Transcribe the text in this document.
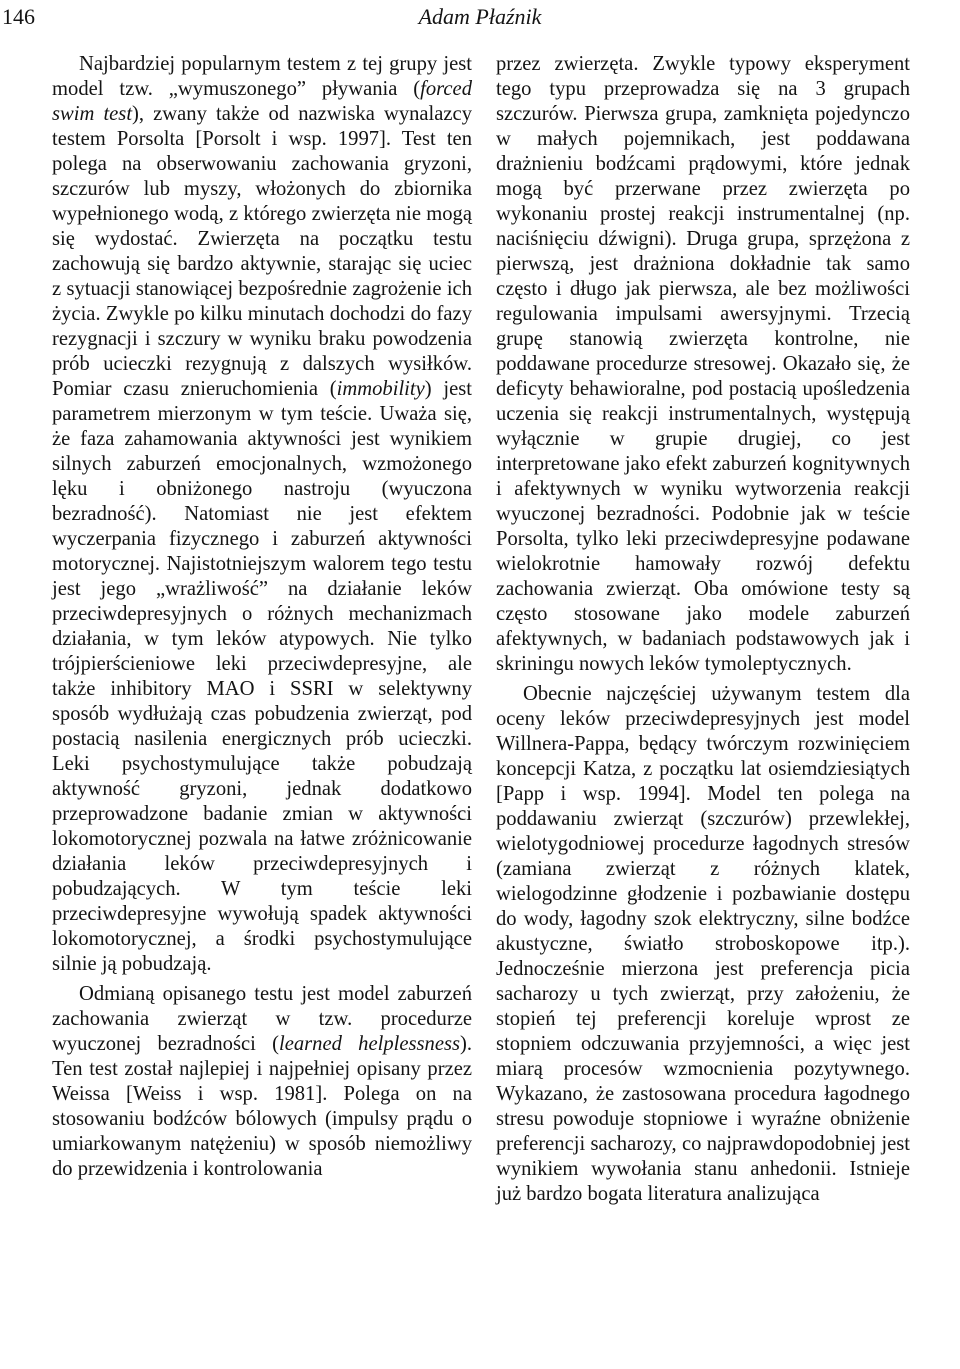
146	Adam Płaźnik

Najbardziej popularnym testem z tej grupy jest model tzw. „wymuszonego” pływania (forced swim test), zwany także od nazwiska wynalazcy testem Porsolta [Porsolt i wsp. 1997]. Test ten polega na obserwowaniu zachowania gryzoni, szczurów lub myszy, włożonych do zbiornika wypełnionego wodą, z którego zwierzęta nie mogą się wydostać. Zwierzęta na początku testu zachowują się bardzo aktywnie, starając się uciec z sytuacji stanowiącej bezpośrednie zagrożenie ich życia. Zwykle po kilku minutach dochodzi do fazy rezygnacji i szczury w wyniku braku powodzenia prób ucieczki rezygnują z dalszych wysiłków. Pomiar czasu znieruchomienia (immobility) jest parametrem mierzonym w tym teście. Uważa się, że faza zahamowania aktywności jest wynikiem silnych zaburzeń emocjonalnych, wzmożonego lęku i obniżonego nastroju (wyuczona bezradność). Natomiast nie jest efektem wyczerpania fizycznego i zaburzeń aktywności motorycznej. Najistotniejszym walorem tego testu jest jego „wrażliwość” na działanie leków przeciwdepresyjnych o różnych mechanizmach działania, w tym leków atypowych. Nie tylko trójpierścieniowe leki przeciwdepresyjne, ale także inhibitory MAO i SSRI w selektywny sposób wydłużają czas pobudzenia zwierząt, pod postacią nasilenia energicznych prób ucieczki. Leki psychostymulujące także pobudzają aktywność gryzoni, jednak dodatkowo przeprowadzone badanie zmian w aktywności lokomotorycznej pozwala na łatwe zróżnicowanie działania leków przeciwdepresyjnych i pobudzających. W tym teście leki przeciwdepresyjne wywołują spadek aktywności lokomotorycznej, a środki psychostymulujące silnie ją pobudzają.

Odmianą opisanego testu jest model zaburzeń zachowania zwierząt w tzw. procedurze wyuczonej bezradności (learned helplessness). Ten test został najlepiej i najpełniej opisany przez Weissa [Weiss i wsp. 1981]. Polega on na stosowaniu bodźców bólowych (impulsy prądu o umiarkowanym natężeniu) w sposób niemożliwy do przewidzenia i kontrolowania

przez zwierzęta. Zwykle typowy eksperyment tego typu przeprowadza się na 3 grupach szczurów. Pierwsza grupa, zamknięta pojedynczo w małych pojemnikach, jest poddawana drażnieniu bodźcami prądowymi, które jednak mogą być przerwane przez zwierzęta po wykonaniu prostej reakcji instrumentalnej (np. naciśnięciu dźwigni). Druga grupa, sprzężona z pierwszą, jest drażniona dokładnie tak samo często i długo jak pierwsza, ale bez możliwości regulowania impulsami awersyjnymi. Trzecią grupę stanowią zwierzęta kontrolne, nie poddawane procedurze stresowej. Okazało się, że deficyty behawioralne, pod postacią upośledzenia uczenia się reakcji instrumentalnych, występują wyłącznie w grupie drugiej, co jest interpretowane jako efekt zaburzeń kognitywnych i afektywnych w wyniku wytworzenia reakcji wyuczonej bezradności. Podobnie jak w teście Porsolta, tylko leki przeciwdepresyjne podawane wielokrotnie hamowały rozwój defektu zachowania zwierząt. Oba omówione testy są często stosowane jako modele zaburzeń afektywnych, w badaniach podstawowych jak i skriningu nowych leków tymoleptycznych.

Obecnie najczęściej używanym testem dla oceny leków przeciwdepresyjnych jest model Willnera-Pappa, będący twórczym rozwinięciem koncepcji Katza, z początku lat osiemdziesiątych [Papp i wsp. 1994]. Model ten polega na poddawaniu zwierząt (szczurów) przewlekłej, wielotygodniowej procedurze łagodnych stresów (zamiana zwierząt z różnych klatek, wielogodzinne głodzenie i pozbawianie dostępu do wody, łagodny szok elektryczny, silne bodźce akustyczne, światło stroboskopowe itp.). Jednocześnie mierzona jest preferencja picia sacharozy u tych zwierząt, przy założeniu, że stopień tej preferencji koreluje wprost ze stopniem odczuwania przyjemności, a więc jest miarą procesów wzmocnienia pozytywnego. Wykazano, że zastosowana procedura łagodnego stresu powoduje stopniowe i wyraźne obniżenie preferencji sacharozy, co najprawdopodobniej jest wynikiem wywołania stanu anhedonii. Istnieje już bardzo bogata literatura analizująca
